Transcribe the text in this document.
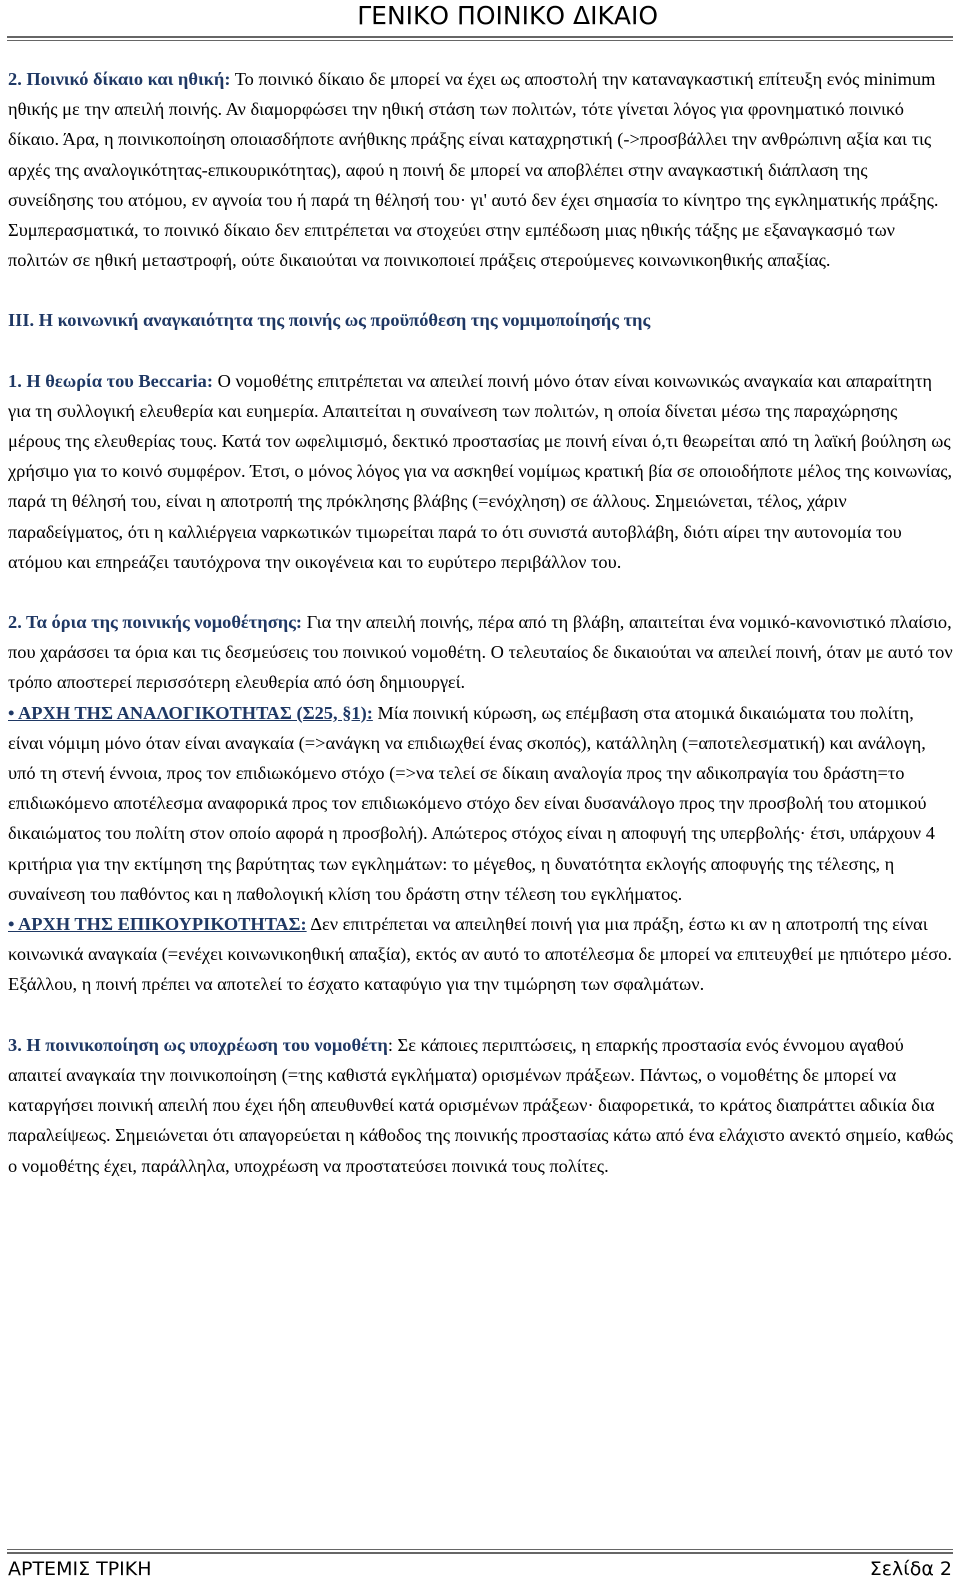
ΓΕΝΙΚΟ ΠΟΙΝΙΚΟ ΔΙΚΑΙΟ

2. Ποινικό δίκαιο και ηθική: Το ποινικό δίκαιο δε μπορεί να έχει ως αποστολή την καταναγκαστική επίτευξη ενός minimum ηθικής με την απειλή ποινής. Αν διαμορφώσει την ηθική στάση των πολιτών, τότε γίνεται λόγος για φρονηματικό ποινικό δίκαιο. Άρα, η ποινικοποίηση οποιασδήποτε ανήθικης πράξης είναι καταχρηστική (->προσβάλλει την ανθρώπινη αξία και τις αρχές της αναλογικότητας-επικουρικότητας), αφού η ποινή δε μπορεί να αποβλέπει στην αναγκαστική διάπλαση της συνείδησης του ατόμου, εν αγνοία του ή παρά τη θέλησή του· γι' αυτό δεν έχει σημασία το κίνητρο της εγκληματικής πράξης. Συμπερασματικά, το ποινικό δίκαιο δεν επιτρέπεται να στοχεύει στην εμπέδωση μιας ηθικής τάξης με εξαναγκασμό των πολιτών σε ηθική μεταστροφή, ούτε δικαιούται να ποινικοποιεί πράξεις στερούμενες κοινωνικοηθικής απαξίας.

III. Η κοινωνική αναγκαιότητα της ποινής ως προϋπόθεση της νομιμοποίησής της

1. Η θεωρία του Beccaria: Ο νομοθέτης επιτρέπεται να απειλεί ποινή μόνο όταν είναι κοινωνικώς αναγκαία και απαραίτητη για τη συλλογική ελευθερία και ευημερία. Απαιτείται η συναίνεση των πολιτών, η οποία δίνεται μέσω της παραχώρησης μέρους της ελευθερίας τους. Κατά τον ωφελιμισμό, δεκτικό προστασίας με ποινή είναι ό,τι θεωρείται από τη λαϊκή βούληση ως χρήσιμο για το κοινό συμφέρον. Έτσι, ο μόνος λόγος για να ασκηθεί νομίμως κρατική βία σε οποιοδήποτε μέλος της κοινωνίας, παρά τη θέλησή του, είναι η αποτροπή της πρόκλησης βλάβης (=ενόχληση) σε άλλους. Σημειώνεται, τέλος, χάριν παραδείγματος, ότι η καλλιέργεια ναρκωτικών τιμωρείται παρά το ότι συνιστά αυτοβλάβη, διότι αίρει την αυτονομία του ατόμου και επηρεάζει ταυτόχρονα την οικογένεια και το ευρύτερο περιβάλλον του.

2. Τα όρια της ποινικής νομοθέτησης: Για την απειλή ποινής, πέρα από τη βλάβη, απαιτείται ένα νομικό-κανονιστικό πλαίσιο, που χαράσσει τα όρια και τις δεσμεύσεις του ποινικού νομοθέτη. Ο τελευταίος δε δικαιούται να απειλεί ποινή, όταν με αυτό τον τρόπο αποστερεί περισσότερη ελευθερία από όση δημιουργεί.

• ΑΡΧΗ ΤΗΣ ΑΝΑΛΟΓΙΚΟΤΗΤΑΣ (Σ25, §1): Μία ποινική κύρωση, ως επέμβαση στα ατομικά δικαιώματα του πολίτη, είναι νόμιμη μόνο όταν είναι αναγκαία (=>ανάγκη να επιδιωχθεί ένας σκοπός), κατάλληλη (=αποτελεσματική) και ανάλογη, υπό τη στενή έννοια, προς τον επιδιωκόμενο στόχο (=>να τελεί σε δίκαιη αναλογία προς την αδικοπραγία του δράστη=το επιδιωκόμενο αποτέλεσμα αναφορικά προς τον επιδιωκόμενο στόχο δεν είναι δυσανάλογο προς την προσβολή του ατομικού δικαιώματος του πολίτη στον οποίο αφορά η προσβολή). Απώτερος στόχος είναι η αποφυγή της υπερβολής· έτσι, υπάρχουν 4 κριτήρια για την εκτίμηση της βαρύτητας των εγκλημάτων: το μέγεθος, η δυνατότητα εκλογής αποφυγής της τέλεσης, η συναίνεση του παθόντος και η παθολογική κλίση του δράστη στην τέλεση του εγκλήματος.

• ΑΡΧΗ ΤΗΣ ΕΠΙΚΟΥΡΙΚΟΤΗΤΑΣ: Δεν επιτρέπεται να απειληθεί ποινή για μια πράξη, έστω κι αν η αποτροπή της είναι κοινωνικά αναγκαία (=ενέχει κοινωνικοηθική απαξία), εκτός αν αυτό το αποτέλεσμα δε μπορεί να επιτευχθεί με ηπιότερο μέσο. Εξάλλου, η ποινή πρέπει να αποτελεί το έσχατο καταφύγιο για την τιμώρηση των σφαλμάτων.

3. Η ποινικοποίηση ως υποχρέωση του νομοθέτη: Σε κάποιες περιπτώσεις, η επαρκής προστασία ενός έννομου αγαθού απαιτεί αναγκαία την ποινικοποίηση (=της καθιστά εγκλήματα) ορισμένων πράξεων. Πάντως, ο νομοθέτης δε μπορεί να καταργήσει ποινική απειλή που έχει ήδη απευθυνθεί κατά ορισμένων πράξεων· διαφορετικά, το κράτος διαπράττει αδικία δια παραλείψεως. Σημειώνεται ότι απαγορεύεται η κάθοδος της ποινικής προστασίας κάτω από ένα ελάχιστο ανεκτό σημείο, καθώς ο νομοθέτης έχει, παράλληλα, υποχρέωση να προστατεύσει ποινικά τους πολίτες.

ΑΡΤΕΜΙΣ ΤΡΙΚΗ	Σελίδα 2
